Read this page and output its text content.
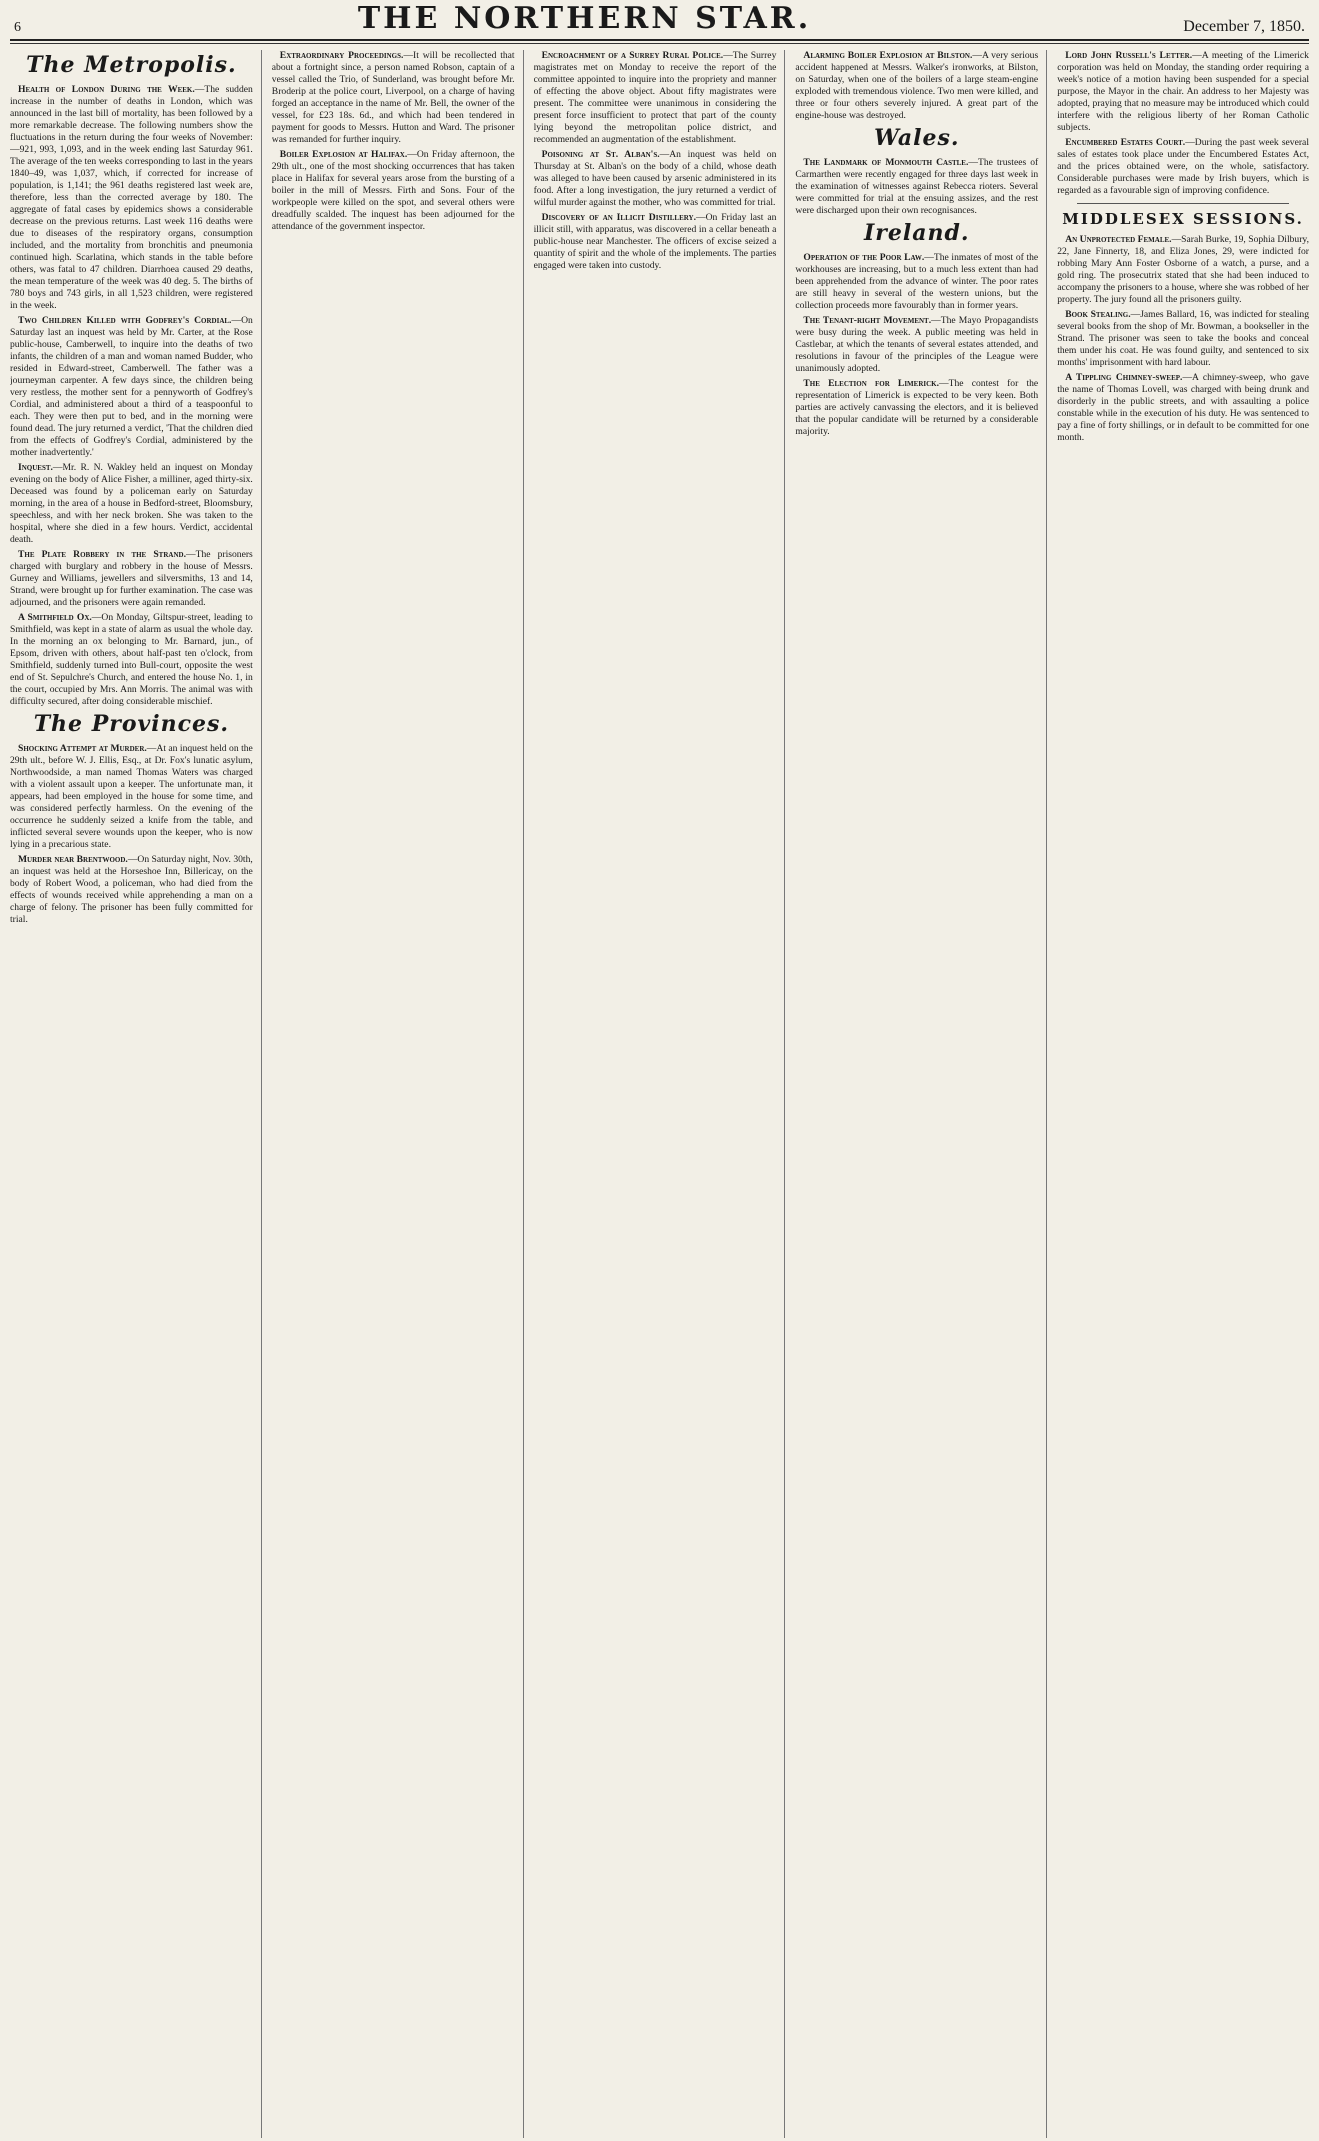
6	THE NORTHERN STAR.	December 7, 1850.
The Metropolis.

Health of London During the Week.—The sudden increase in the number of deaths in London, which was announced in the last bill of mortality, has been followed by a more remarkable decrease. The following numbers show the fluctuations in the return during the four weeks of November:—921, 993, 1,093, and in the week ending last Saturday 961. The average of the ten weeks corresponding to last in the years 1840–49, was 1,037, which, if corrected for increase of population, is 1,141; the 961 deaths registered last week are, therefore, less than the corrected average by 180. The aggregate of fatal cases by epidemics shows a considerable decrease on the previous returns. Last week 116 deaths were due to diseases of the respiratory organs, consumption included, and the mortality from bronchitis and pneumonia continued high. Scarlatina, which stands in the table before others, was fatal to 47 children. Diarrhoea caused 29 deaths, the mean temperature of the week was 40 deg. 5. The births of 780 boys and 743 girls, in all 1,523 children, were registered in the week.

Two Children Killed with Godfrey's Cordial.—On Saturday last an inquest was held by Mr. Carter, at the Rose public-house, Camberwell, to inquire into the deaths of two infants, the children of a man and woman named Budder, who resided in Edward-street, Camberwell. The father was a journeyman carpenter. A few days since, the children being very restless, the mother sent for a pennyworth of Godfrey's Cordial, and administered about a third of a teaspoonful to each. They were then put to bed, and in the morning were found dead. The jury returned a verdict, 'That the children died from the effects of Godfrey's Cordial, administered by the mother inadvertently.'

Inquest.—Mr. R. N. Wakley held an inquest on Monday evening on the body of Alice Fisher, a milliner, aged thirty-six. Deceased was found by a policeman early on Saturday morning, in the area of a house in Bedford-street, Bloomsbury, speechless, and with her neck broken. She was taken to the hospital, where she died in a few hours. Verdict, accidental death.

The Plate Robbery in the Strand.—The prisoners charged with burglary and robbery in the house of Messrs. Gurney and Williams, jewellers and silversmiths, 13 and 14, Strand, were brought up for further examination. The case was adjourned, and the prisoners were again remanded.

A Smithfield Ox.—On Monday, Giltspur-street, leading to Smithfield, was kept in a state of alarm as usual the whole day. In the morning an ox belonging to Mr. Barnard, jun., of Epsom, driven with others, about half-past ten o'clock, from Smithfield, suddenly turned into Bull-court, opposite the west end of St. Sepulchre's Church, and entered the house No. 1, in the court, occupied by Mrs. Ann Morris. The animal was with difficulty secured, after doing considerable mischief.

The Provinces.

Shocking Attempt at Murder.—At an inquest held on the 29th ult., before W. J. Ellis, Esq., at Dr. Fox's lunatic asylum, Northwoodside, a man named Thomas Waters was charged with a violent assault upon a keeper. The unfortunate man, it appears, had been employed in the house for some time, and was considered perfectly harmless. On the evening of the occurrence he suddenly seized a knife from the table, and inflicted several severe wounds upon the keeper, who is now lying in a precarious state.

Murder near Brentwood.—On Saturday night, Nov. 30th, an inquest was held at the Horseshoe Inn, Billericay, on the body of Robert Wood, a policeman, who had died from the effects of wounds received while apprehending a man on a charge of felony. The prisoner has been fully committed for trial.

Extraordinary Proceedings.—It will be recollected that about a fortnight since, a person named Robson, captain of a vessel called the Trio, of Sunderland, was brought before Mr. Broderip at the police court, Liverpool, on a charge of having forged an acceptance in the name of Mr. Bell, the owner of the vessel, for £23 18s. 6d., and which had been tendered in payment for goods to Messrs. Hutton and Ward. The prisoner was remanded for further inquiry.

Boiler Explosion at Halifax.—On Friday afternoon, the 29th ult., one of the most shocking occurrences that has taken place in Halifax for several years arose from the bursting of a boiler in the mill of Messrs. Firth and Sons. Four of the workpeople were killed on the spot, and several others were dreadfully scalded. The inquest has been adjourned for the attendance of the government inspector.

Encroachment of a Surrey Rural Police.—The Surrey magistrates met on Monday to receive the report of the committee appointed to inquire into the propriety and manner of effecting the above object. About fifty magistrates were present. The committee were unanimous in considering the present force insufficient to protect that part of the county lying beyond the metropolitan police district, and recommended an augmentation of the establishment.

Poisoning at St. Alban's.—An inquest was held on Thursday at St. Alban's on the body of a child, whose death was alleged to have been caused by arsenic administered in its food. After a long investigation, the jury returned a verdict of wilful murder against the mother, who was committed for trial.

Discovery of an Illicit Distillery.—On Friday last an illicit still, with apparatus, was discovered in a cellar beneath a public-house near Manchester. The officers of excise seized a quantity of spirit and the whole of the implements. The parties engaged were taken into custody.

Alarming Boiler Explosion at Bilston.—A very serious accident happened at Messrs. Walker's ironworks, at Bilston, on Saturday, when one of the boilers of a large steam-engine exploded with tremendous violence. Two men were killed, and three or four others severely injured. A great part of the engine-house was destroyed.

Wales.

The Landmark of Monmouth Castle.—The trustees of Carmarthen were recently engaged for three days last week in the examination of witnesses against Rebecca rioters. Several were committed for trial at the ensuing assizes, and the rest were discharged upon their own recognisances.

Ireland.

Operation of the Poor Law.—The inmates of most of the workhouses are increasing, but to a much less extent than had been apprehended from the advance of winter. The poor rates are still heavy in several of the western unions, but the collection proceeds more favourably than in former years.

The Tenant-right Movement.—The Mayo Propagandists were busy during the week. A public meeting was held in Castlebar, at which the tenants of several estates attended, and resolutions in favour of the principles of the League were unanimously adopted.

The Election for Limerick.—The contest for the representation of Limerick is expected to be very keen. Both parties are actively canvassing the electors, and it is believed that the popular candidate will be returned by a considerable majority.

Lord John Russell's Letter.—A meeting of the Limerick corporation was held on Monday, the standing order requiring a week's notice of a motion having been suspended for a special purpose, the Mayor in the chair. An address to her Majesty was adopted, praying that no measure may be introduced which could interfere with the religious liberty of her Roman Catholic subjects.

Encumbered Estates Court.—During the past week several sales of estates took place under the Encumbered Estates Act, and the prices obtained were, on the whole, satisfactory. Considerable purchases were made by Irish buyers, which is regarded as a favourable sign of improving confidence.

MIDDLESEX SESSIONS.

An Unprotected Female.—Sarah Burke, 19, Sophia Dilbury, 22, Jane Finnerty, 18, and Eliza Jones, 29, were indicted for robbing Mary Ann Foster Osborne of a watch, a purse, and a gold ring. The prosecutrix stated that she had been induced to accompany the prisoners to a house, where she was robbed of her property. The jury found all the prisoners guilty.

Book Stealing.—James Ballard, 16, was indicted for stealing several books from the shop of Mr. Bowman, a bookseller in the Strand. The prisoner was seen to take the books and conceal them under his coat. He was found guilty, and sentenced to six months' imprisonment with hard labour.

A Tippling Chimney-sweep.—A chimney-sweep, who gave the name of Thomas Lovell, was charged with being drunk and disorderly in the public streets, and with assaulting a police constable while in the execution of his duty. He was sentenced to pay a fine of forty shillings, or in default to be committed for one month.
